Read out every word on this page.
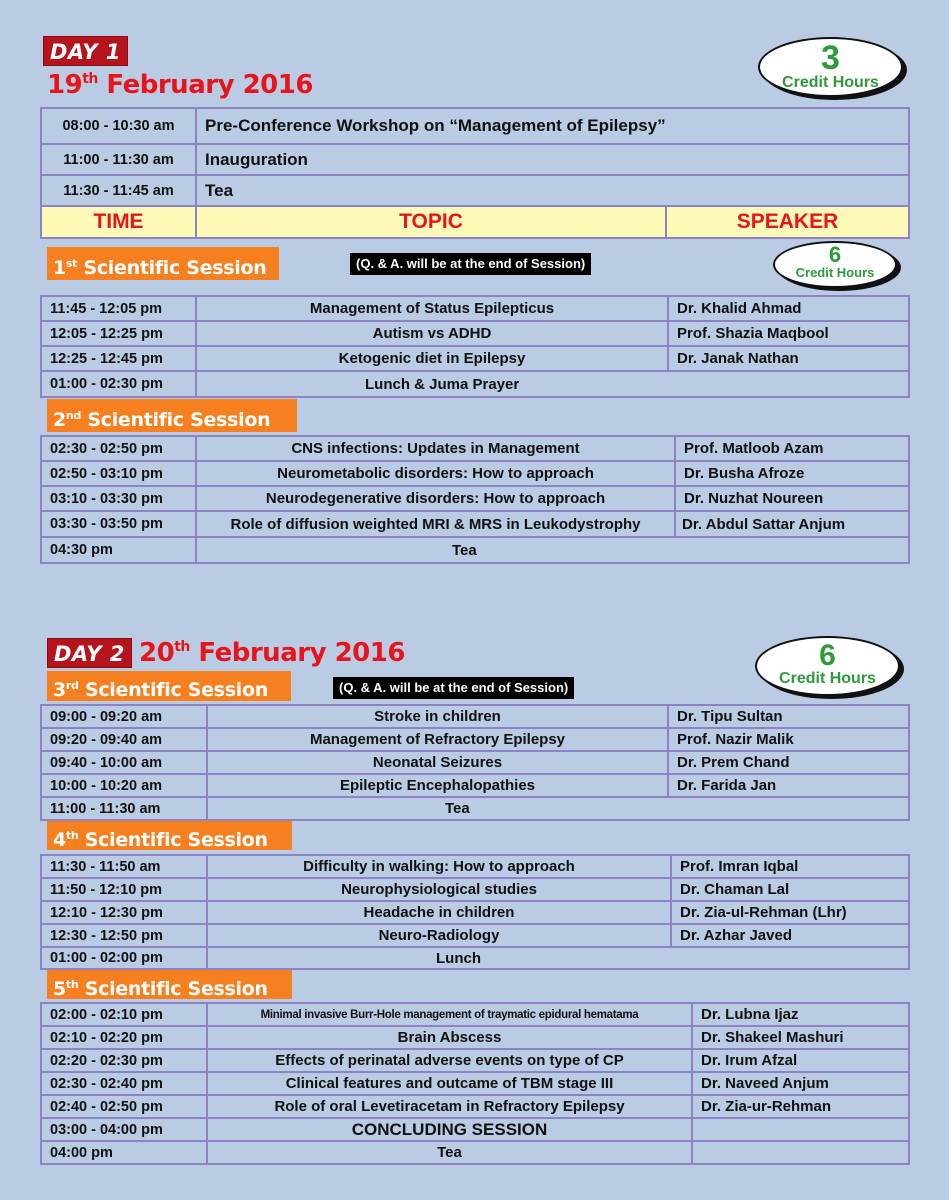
DAY 1
19th February 2016
3
Credit Hours
08:00 - 10:30 am	Pre-Conference Workshop on “Management of Epilepsy”	
11:00 - 11:30 am	Inauguration	
11:30 - 11:45 am	Tea	
TIME	TOPIC	SPEAKER
1st Scientific Session	(Q. & A. will be at the end of Session)	6
Credit Hours
11:45 - 12:05 pm	Management of Status Epilepticus	Dr. Khalid Ahmad
12:05 - 12:25 pm	Autism vs ADHD	Prof. Shazia Maqbool
12:25 - 12:45 pm	Ketogenic diet in Epilepsy	Dr. Janak Nathan
01:00 - 02:30 pm	Lunch & Juma Prayer	
2nd Scientific Session
02:30 - 02:50 pm	CNS infections: Updates in Management	Prof. Matloob Azam
02:50 - 03:10 pm	Neurometabolic disorders: How to approach	Dr. Busha Afroze
03:10 - 03:30 pm	Neurodegenerative disorders: How to approach	Dr. Nuzhat Noureen
03:30 - 03:50 pm	Role of diffusion weighted MRI & MRS in Leukodystrophy	Dr. Abdul Sattar Anjum
04:30 pm	Tea	
DAY 2 20th February 2016	6
Credit Hours
3rd Scientific Session	(Q. & A. will be at the end of Session)
09:00 - 09:20 am	Stroke in children	Dr. Tipu Sultan
09:20 - 09:40 am	Management of Refractory Epilepsy	Prof. Nazir Malik
09:40 - 10:00 am	Neonatal Seizures	Dr. Prem Chand
10:00 - 10:20 am	Epileptic Encephalopathies	Dr. Farida Jan
11:00 - 11:30 am	Tea	
4th Scientific Session
11:30 - 11:50 am	Difficulty in walking: How to approach	Prof. Imran Iqbal
11:50 - 12:10 pm	Neurophysiological studies	Dr. Chaman Lal
12:10 - 12:30 pm	Headache in children	Dr. Zia-ul-Rehman (Lhr)
12:30 - 12:50 pm	Neuro-Radiology	Dr. Azhar Javed
01:00 - 02:00 pm	Lunch	
5th Scientific Session
02:00 - 02:10 pm	Minimal invasive Burr-Hole management of traymatic epidural hematama	Dr. Lubna Ijaz
02:10 - 02:20 pm	Brain Abscess	Dr. Shakeel Mashuri
02:20 - 02:30 pm	Effects of perinatal adverse events on type of CP	Dr. Irum Afzal
02:30 - 02:40 pm	Clinical features and outcame of TBM stage III	Dr. Naveed Anjum
02:40 - 02:50 pm	Role of oral Levetiracetam in Refractory Epilepsy	Dr. Zia-ur-Rehman
03:00 - 04:00 pm	CONCLUDING SESSION	
04:00 pm	Tea	
